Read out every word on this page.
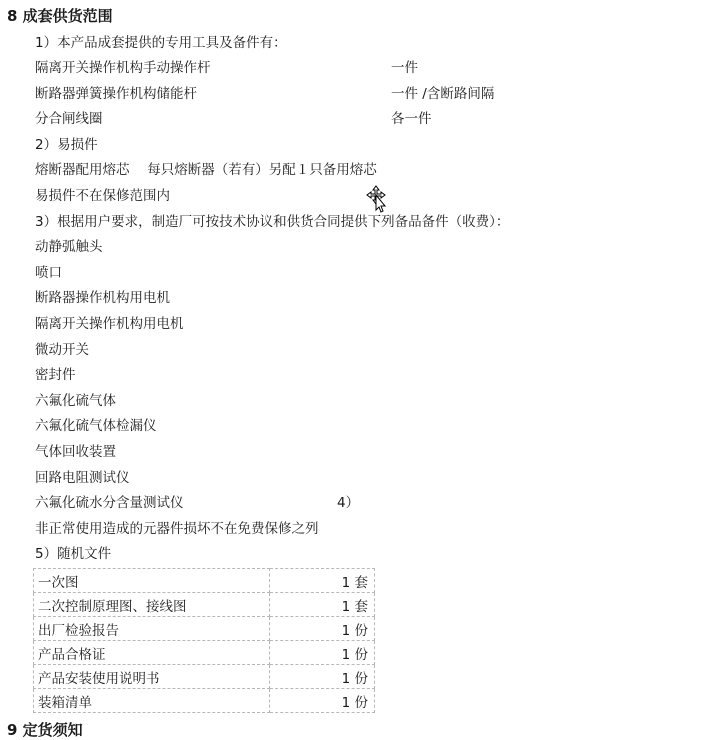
8 成套供货范围
1）本产品成套提供的专用工具及备件有：
隔离开关操作机构手动操作杆	一件
断路器弹簧操作机构储能杆	一件 /含断路间隔
分合闸线圈	各一件
2）易损件
熔断器配用熔芯　 每只熔断器（若有）另配１只备用熔芯
易损件不在保修范围内
3）根据用户要求，制造厂可按技术协议和供货合同提供下列备品备件（收费）：
动静弧触头
喷口
断路器操作机构用电机
隔离开关操作机构用电机
微动开关
密封件
六氟化硫气体
六氟化硫气体检漏仪
气体回收装置
回路电阻测试仪
六氟化硫水分含量测试仪	4）
非正常使用造成的元器件损坏不在免费保修之列
5）随机文件
一次图	1 套
二次控制原理图、接线图	1 套
出厂检验报告	1 份
产品合格证	1 份
产品安装使用说明书	1 份
装箱清单	1 份
9 定货须知
